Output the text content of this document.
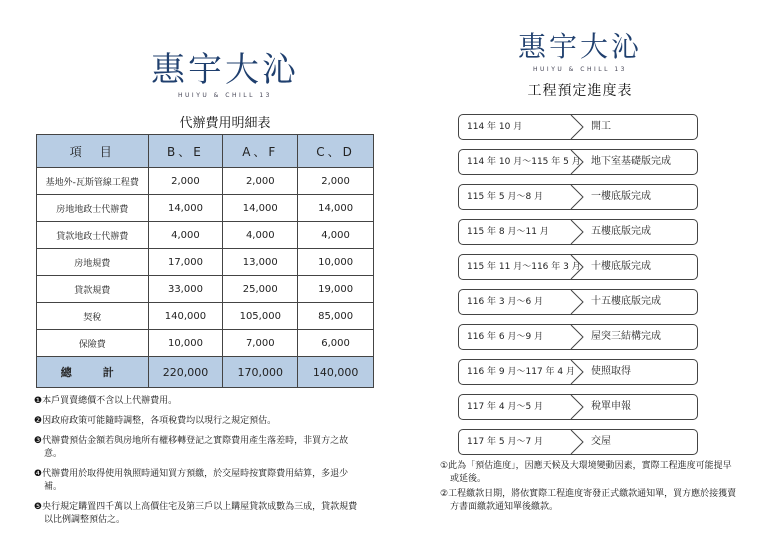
惠宇大沁
HUIYU & CHILL 13
代辦費用明細表
項　目	B、E	A、F	C、D
基地外-瓦斯管線工程費	2,000	2,000	2,000
房地地政士代辦費	14,000	14,000	14,000
貸款地政士代辦費	4,000	4,000	4,000
房地規費	17,000	13,000	10,000
貸款規費	33,000	25,000	19,000
契稅	140,000	105,000	85,000
保險費	10,000	7,000	6,000
總　計	220,000	170,000	140,000
❶本戶買賣總價不含以上代辦費用。
❷因政府政策可能隨時調整，各項稅費均以現行之規定預估。
❸代辦費預估金額若與房地所有權移轉登記之實際費用產生落差時，非買方之故意。
❹代辦費用於取得使用執照時通知買方預繳，於交屋時按實際費用結算，多退少補。
❺央行規定購置四千萬以上高價住宅及第三戶以上購屋貸款成數為三成，貸款規費以比例調整預估之。
惠宇大沁
HUIYU & CHILL 13
工程預定進度表
114 年 10 月	開工
114 年 10 月～115 年 5 月 地下室基礎版完成
115 年 5 月～8 月	一樓底版完成
115 年 8 月～11 月	五樓底版完成
115 年 11 月～116 年 3 月 十樓底版完成
116 年 3 月～6 月	十五樓底版完成
116 年 6 月～9 月	屋突三結構完成
116 年 9 月～117 年 4 月 使照取得
117 年 4 月～5 月	稅單申報
117 年 5 月～7 月	交屋
①此為「預估進度」，因應天候及大環境變動因素，實際工程進度可能提早或延後。
②工程繳款日期，將依實際工程進度寄發正式繳款通知單，買方應於接獲賣方書面繳款通知單後繳款。
